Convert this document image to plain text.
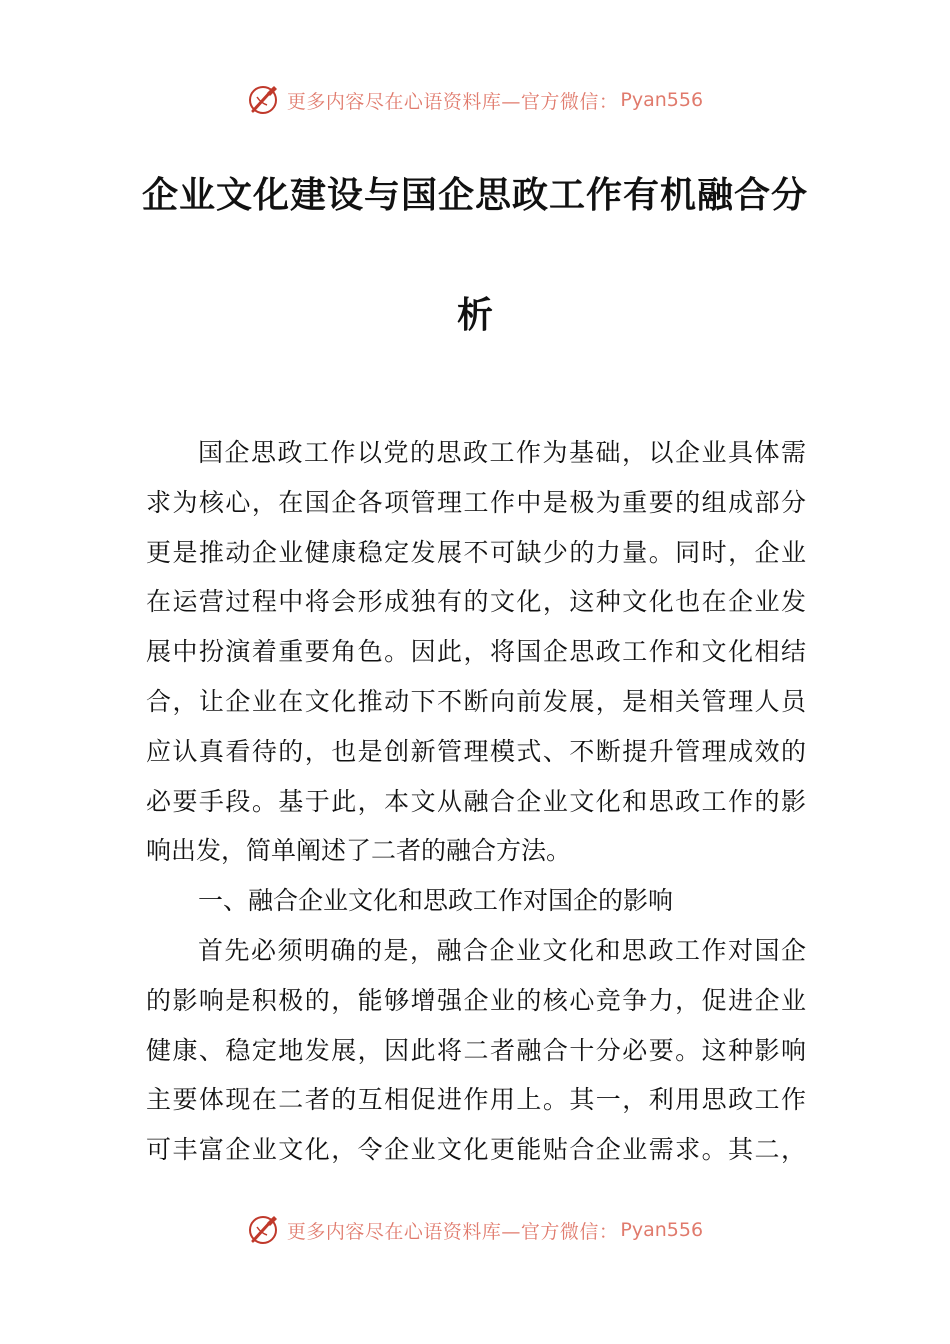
更多内容尽在心语资料库—官方微信： Pyan556
企业文化建设与国企思政工作有机融合分
析
国企思政工作以党的思政工作为基础，以企业具体需
求为核心，在国企各项管理工作中是极为重要的组成部分
更是推动企业健康稳定发展不可缺少的力量。同时，企业
在运营过程中将会形成独有的文化，这种文化也在企业发
展中扮演着重要角色。因此，将国企思政工作和文化相结
合，让企业在文化推动下不断向前发展，是相关管理人员
应认真看待的，也是创新管理模式、不断提升管理成效的
必要手段。基于此，本文从融合企业文化和思政工作的影
响出发，简单阐述了二者的融合方法。
一、融合企业文化和思政工作对国企的影响
首先必须明确的是，融合企业文化和思政工作对国企
的影响是积极的，能够增强企业的核心竞争力，促进企业
健康、稳定地发展，因此将二者融合十分必要。这种影响
主要体现在二者的互相促进作用上。其一，利用思政工作
可丰富企业文化，令企业文化更能贴合企业需求。其二，
更多内容尽在心语资料库—官方微信： Pyan556
